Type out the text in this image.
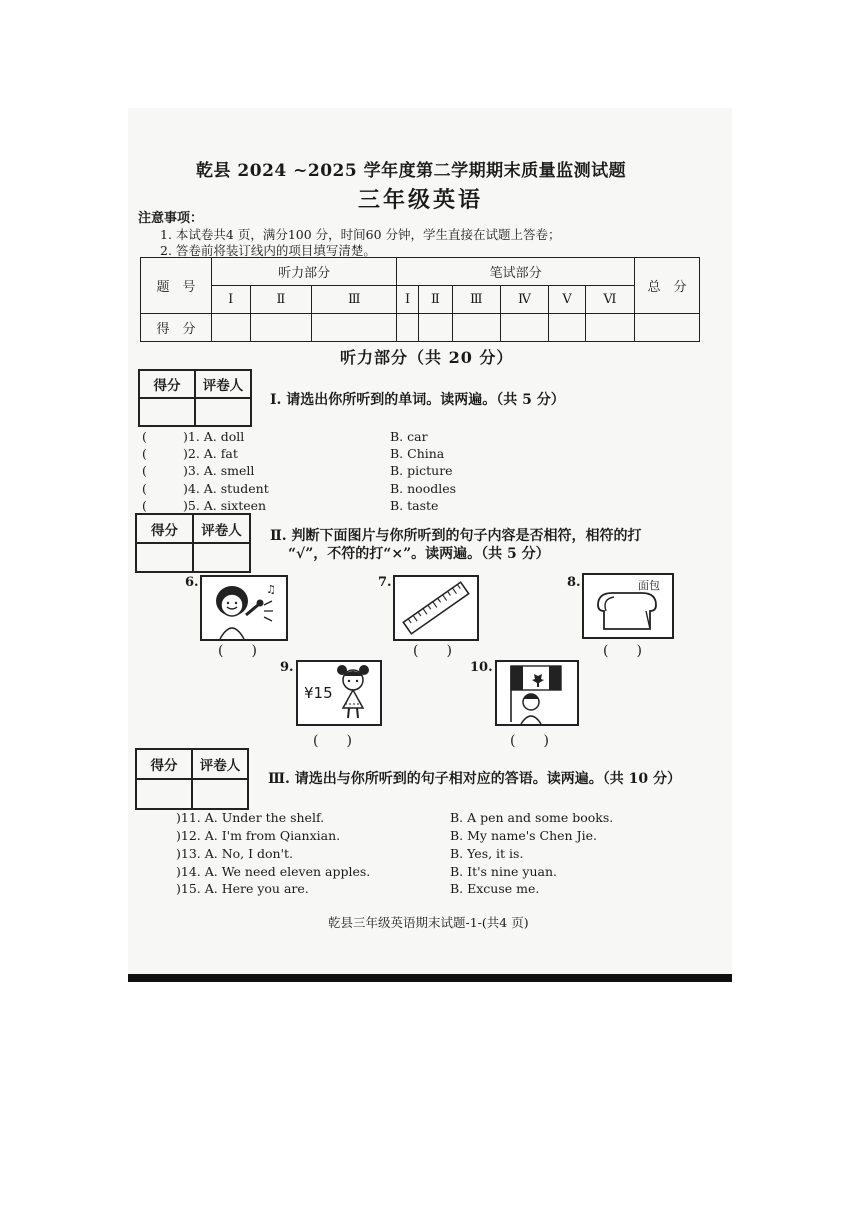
乾县 2024 ~2025 学年度第二学期期末质量监测试题
三年级英语
注意事项：
1. 本试卷共4 页，满分100 分，时间60 分钟，学生直接在试题上答卷；
2. 答卷前将装订线内的项目填写清楚。
题　号	听力部分			笔试部分						总　分
	Ⅰ	Ⅱ	Ⅲ	Ⅰ	Ⅱ	Ⅲ	Ⅳ	Ⅴ	Ⅵ	
得　分										
听力部分（共 20 分）
得分	评卷人
Ⅰ. 请选出你所听到的单词。读两遍。（共 5 分）
(	)1. A. doll	B. car
(	)2. A. fat	B. China
(	)3. A. smell	B. picture
(	)4. A. student	B. noodles
(	)5. A. sixteen	B. taste
得分	评卷人	Ⅱ. 判断下面图片与你所听到的句子内容是否相符，相符的打
“√”，不符的打“×”。读两遍。（共 5 分）
6.	♫
(　　)
7.
(　　)
8.	面包
(　　)
9.
¥15
(　　)
10.
(　　)
得分	评卷人
Ⅲ. 请选出与你所听到的句子相对应的答语。读两遍。（共 10 分）
)11. A. Under the shelf.	B. A pen and some books.
)12. A. I'm from Qianxian.	B. My name's Chen Jie.
)13. A. No, I don't.	B. Yes, it is.
)14. A. We need eleven apples.	B. It's nine yuan.
)15. A. Here you are.	B. Excuse me.
乾县三年级英语期末试题-1-(共4 页)
